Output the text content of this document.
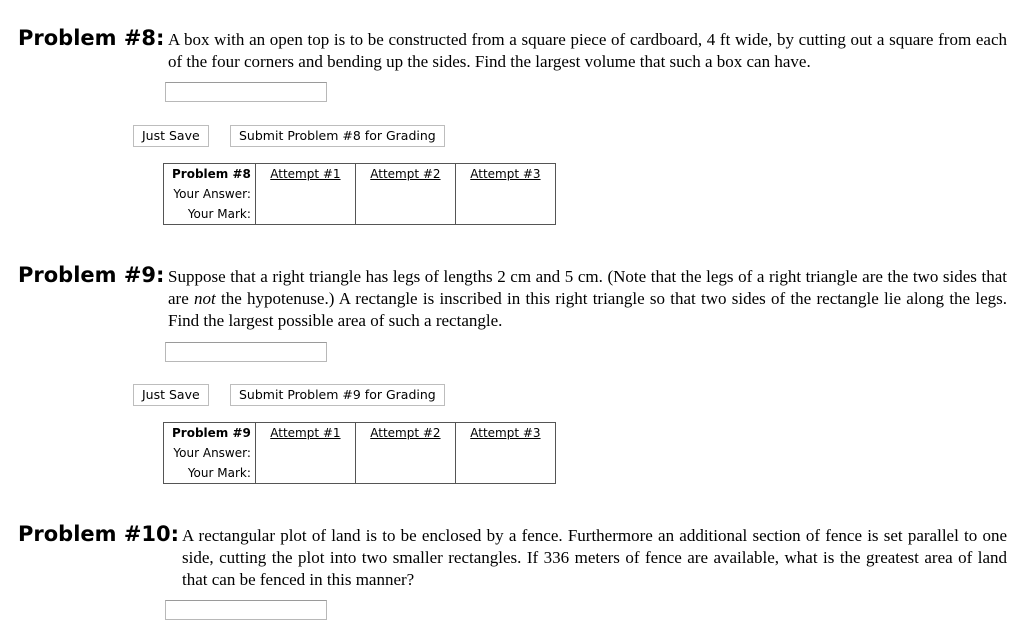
Problem #8: A box with an open top is to be constructed from a square piece of cardboard, 4 ft wide, by cutting out a square from each of the four corners and bending up the sides. Find the largest volume that such a box can have.
Just Save	Submit Problem #8 for Grading
Problem #8	Attempt #1	Attempt #2	Attempt #3
Your Answer:			
Your Mark:			
Problem #9: Suppose that a right triangle has legs of lengths 2 cm and 5 cm. (Note that the legs of a right triangle are the two sides that are not the hypotenuse.) A rectangle is inscribed in this right triangle so that two sides of the rectangle lie along the legs. Find the largest possible area of such a rectangle.
Just Save	Submit Problem #9 for Grading
Problem #9	Attempt #1	Attempt #2	Attempt #3
Your Answer:			
Your Mark:			
Problem #10: A rectangular plot of land is to be enclosed by a fence. Furthermore an additional section of fence is set parallel to one side, cutting the plot into two smaller rectangles. If 336 meters of fence are available, what is the greatest area of land that can be fenced in this manner?
